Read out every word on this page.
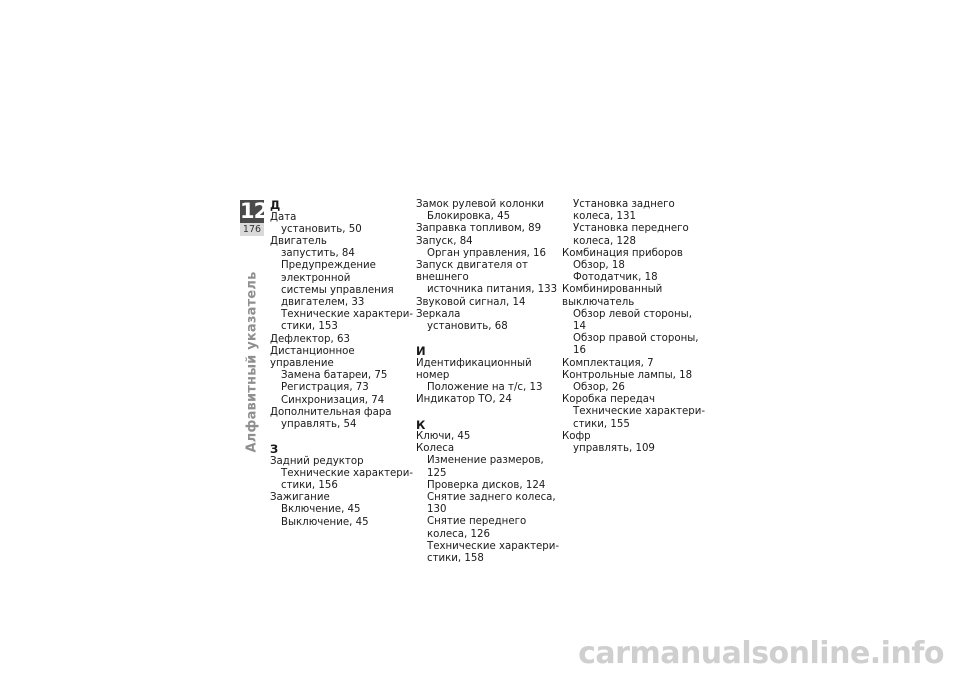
12
176
Алфавитный указатель
Д
Дата
установить, 50
Двигатель
запустить, 84
Предупреждение электронной
системы управления
двигателем, 33
Технические характери-
стики, 153
Дефлектор, 63
Дистанционное управление
Замена батареи, 75
Регистрация, 73
Синхронизация, 74
Дополнительная фара
управлять, 54
З
Задний редуктор
Технические характери-
стики, 156
Зажигание
Включение, 45
Выключение, 45
Замок рулевой колонки
Блокировка, 45
Заправка топливом, 89
Запуск, 84
Орган управления, 16
Запуск двигателя от внешнего
источника питания, 133
Звуковой сигнал, 14
Зеркала
установить, 68
И
Идентификационный номер
Положение на т/с, 13
Индикатор ТО, 24
К
Ключи, 45
Колеса
Изменение размеров, 125
Проверка дисков, 124
Снятие заднего колеса, 130
Снятие переднего
колеса, 126
Технические характери-
стики, 158
Установка заднего
колеса, 131
Установка переднего
колеса, 128
Комбинация приборов
Обзор, 18
Фотодатчик, 18
Комбинированный выключатель
Обзор левой стороны, 14
Обзор правой стороны, 16
Комплектация, 7
Контрольные лампы, 18
Обзор, 26
Коробка передач
Технические характери-
стики, 155
Кофр
управлять, 109
carmanualsonline.info
